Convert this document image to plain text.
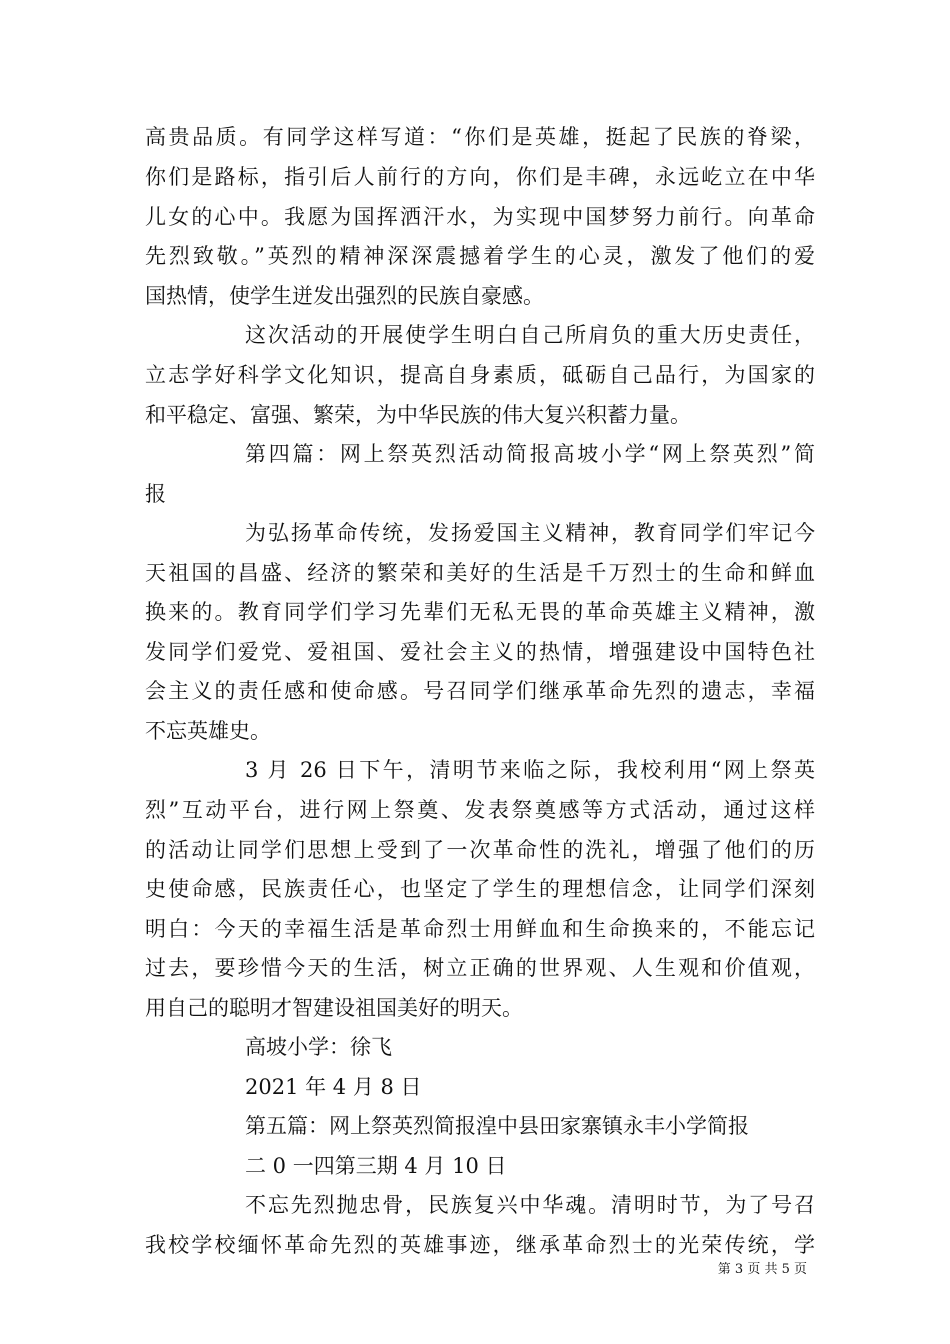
高贵品质。有同学这样写道：“你们是英雄，挺起了民族的脊梁，
你们是路标，指引后人前行的方向，你们是丰碑，永远屹立在中华
儿女的心中。我愿为国挥洒汗水，为实现中国梦努力前行。向革命
先烈致敬。”英烈的精神深深震撼着学生的心灵，激发了他们的爱
国热情，使学生迸发出强烈的民族自豪感。
这次活动的开展使学生明白自己所肩负的重大历史责任，
立志学好科学文化知识，提高自身素质，砥砺自己品行，为国家的
和平稳定、富强、繁荣，为中华民族的伟大复兴积蓄力量。
第四篇：网上祭英烈活动简报高坡小学“网上祭英烈”简
报
为弘扬革命传统，发扬爱国主义精神，教育同学们牢记今
天祖国的昌盛、经济的繁荣和美好的生活是千万烈士的生命和鲜血
换来的。教育同学们学习先辈们无私无畏的革命英雄主义精神，激
发同学们爱党、爱祖国、爱社会主义的热情，增强建设中国特色社
会主义的责任感和使命感。号召同学们继承革命先烈的遗志，幸福
不忘英雄史。
3 月 26 日下午，清明节来临之际，我校利用“网上祭英
烈”互动平台，进行网上祭奠、发表祭奠感等方式活动，通过这样
的活动让同学们思想上受到了一次革命性的洗礼，增强了他们的历
史使命感，民族责任心，也坚定了学生的理想信念，让同学们深刻
明白：今天的幸福生活是革命烈士用鲜血和生命换来的，不能忘记
过去，要珍惜今天的生活，树立正确的世界观、人生观和价值观，
用自己的聪明才智建设祖国美好的明天。
高坡小学：徐飞
2021 年 4 月 8 日
第五篇：网上祭英烈简报湟中县田家寨镇永丰小学简报
二 0 一四第三期 4 月 10 日
不忘先烈抛忠骨，民族复兴中华魂。清明时节，为了号召
我校学校缅怀革命先烈的英雄事迹，继承革命烈士的光荣传统，学
第 3 页 共 5 页
